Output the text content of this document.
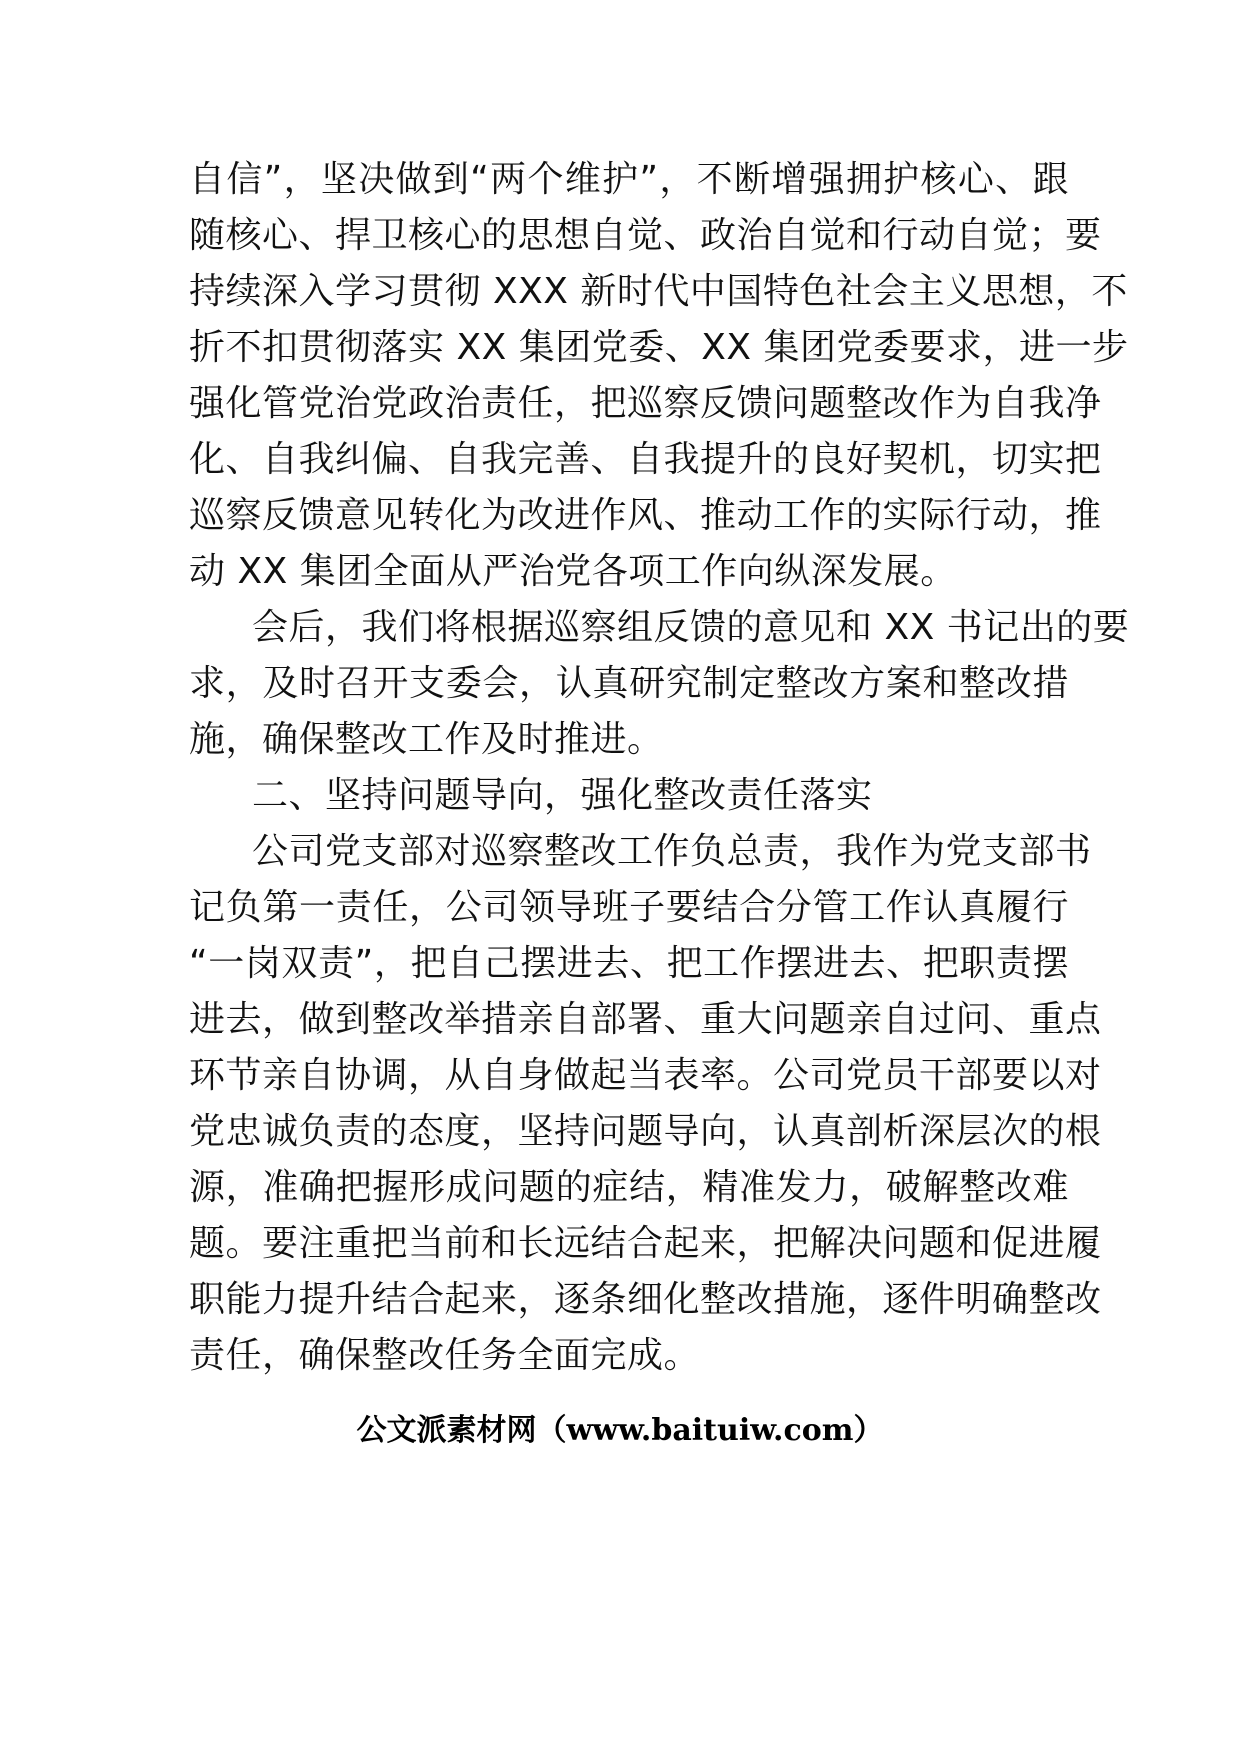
自信”，坚决做到“两个维护”，不断增强拥护核心、跟
随核心、捍卫核心的思想自觉、政治自觉和行动自觉；要
持续深入学习贯彻 XXX 新时代中国特色社会主义思想，不
折不扣贯彻落实 XX 集团党委、XX 集团党委要求，进一步
强化管党治党政治责任，把巡察反馈问题整改作为自我净
化、自我纠偏、自我完善、自我提升的良好契机，切实把
巡察反馈意见转化为改进作风、推动工作的实际行动，推
动 XX 集团全面从严治党各项工作向纵深发展。
会后，我们将根据巡察组反馈的意见和 XX 书记出的要
求，及时召开支委会，认真研究制定整改方案和整改措
施，确保整改工作及时推进。
二、坚持问题导向，强化整改责任落实
公司党支部对巡察整改工作负总责，我作为党支部书
记负第一责任，公司领导班子要结合分管工作认真履行
“一岗双责”，把自己摆进去、把工作摆进去、把职责摆
进去，做到整改举措亲自部署、重大问题亲自过问、重点
环节亲自协调，从自身做起当表率。公司党员干部要以对
党忠诚负责的态度，坚持问题导向，认真剖析深层次的根
源，准确把握形成问题的症结，精准发力，破解整改难
题。要注重把当前和长远结合起来，把解决问题和促进履
职能力提升结合起来，逐条细化整改措施，逐件明确整改
责任，确保整改任务全面完成。
公文派素材网（www.baituiw.com）
